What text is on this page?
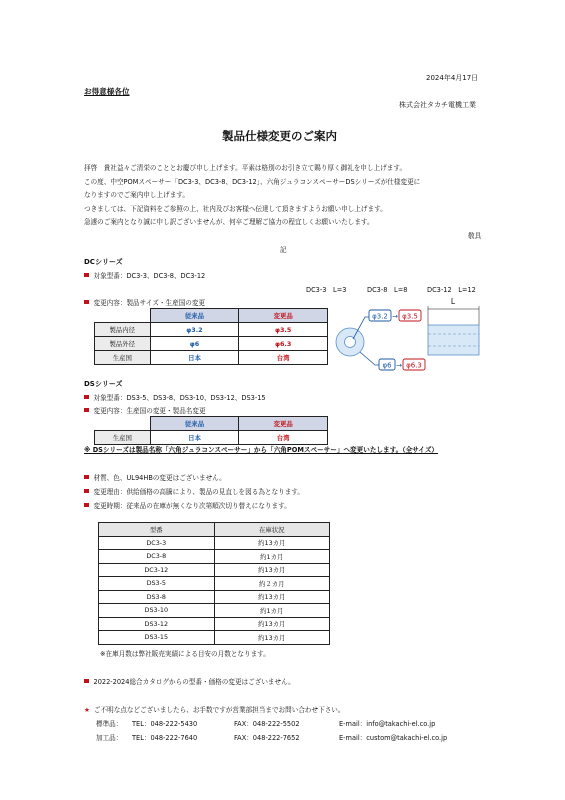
2024年4月17日
お得意様各位
株式会社タカチ電機工業
製品仕様変更のご案内
拝啓　貴社益々ご清栄のこととお慶び申し上げます。平素は格別のお引き立て賜り厚く御礼を申し上げます。
この度、中空POMスペーサー「DC3-3、DC3-8、DC3-12」、六角ジュラコンスペーサーDSシリーズが仕様変更に
なりますのでご案内申し上げます。
つきましては、下記資料をご参照の上、社内及びお客様へ伝達して頂きますようお願い申し上げます。
急遽のご案内となり誠に申し訳ございませんが、何卒ご理解ご協力の程宜しくお願いいたします。
敬具
記
DCシリーズ
対象型番：DC3-3、DC3-8、DC3-12
DC3-3　L=3	DC3-8　L=8	DC3-12　L=12
変更内容：製品サイズ・生産国の変更
	従来品	変更品
製品内径	φ3.2	φ3.5
製品外径	φ6	φ6.3
生産国	日本	台湾
φ3.2 → φ3.5
φ6 → φ6.3
L
DSシリーズ
対象型番：DS3-5、DS3-8、DS3-10、DS3-12、DS3-15
変更内容：生産国の変更・製品名変更
	従来品	変更品
生産国	日本	台湾
※ DSシリーズは製品名称「六角ジュラコンスペーサー」から「六角POMスペーサー」へ変更いたします。（全サイズ）
材質、色、UL94HBの変更はございません。
変更理由：供給価格の高騰により、製品の見直しを図る為となります。
変更時期：従来品の在庫が無くなり次第順次切り替えになります。
型番	在庫状況
DC3-3	約13カ月
DC3-8	約1カ月
DC3-12	約13カ月
DS3-5	約２カ月
DS3-8	約13カ月
DS3-10	約1カ月
DS3-12	約13カ月
DS3-15	約13カ月
※在庫月数は弊社販売実績による目安の月数となります。
2022-2024総合カタログからの型番・価格の変更はございません。
★ ご不明な点などございましたら、お手数ですが営業部担当までお問い合わせ下さい。
標準品： TEL：048-222-5430	FAX：048-222-5502	E-mail：info@takachi-el.co.jp
加工品： TEL：048-222-7640	FAX：048-222-7652	E-mail：custom@takachi-el.co.jp
